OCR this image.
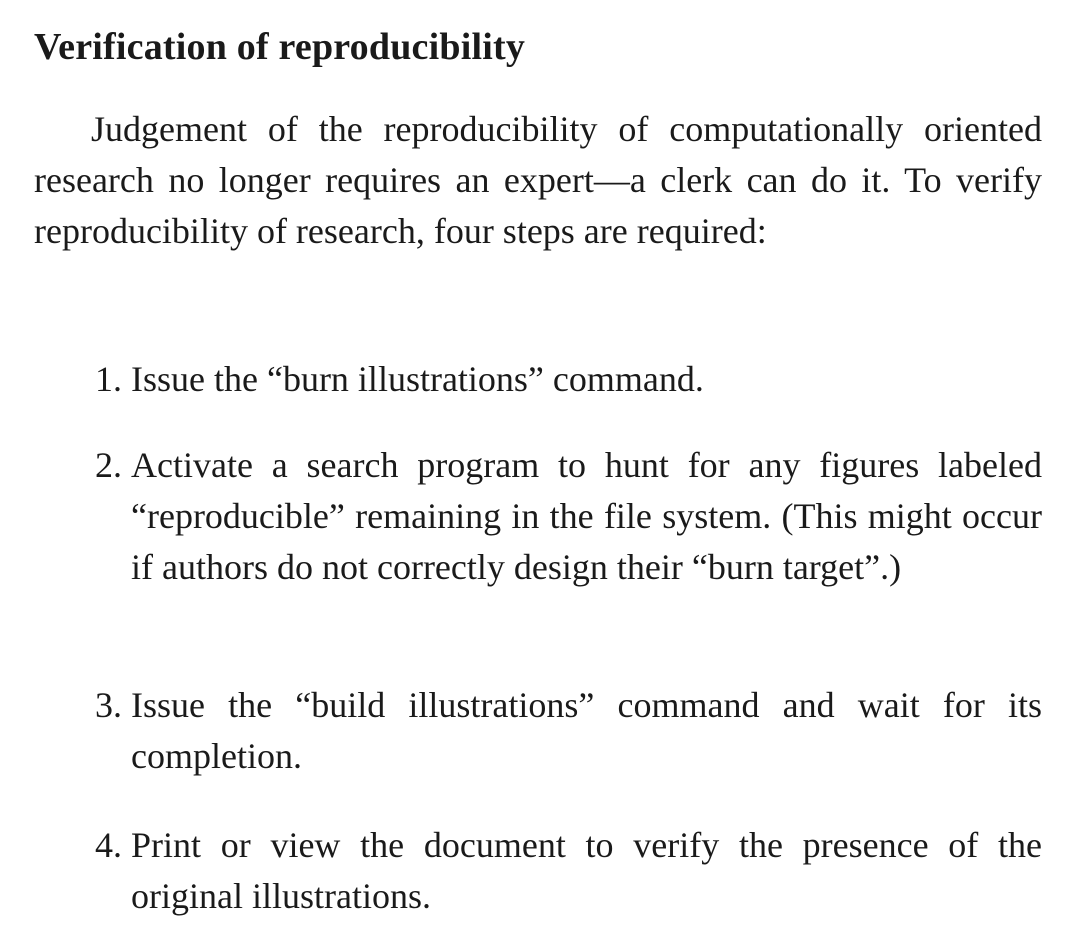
Verification of reproducibility

Judgement of the reproducibility of computationally oriented research no longer requires an expert—a clerk can do it. To verify reproducibility of research, four steps are required:

1. Issue the “burn illustrations” command.
2. Activate a search program to hunt for any figures labeled “reproducible” remaining in the file system. (This might occur if authors do not correctly design their “burn target”.)
3. Issue the “build illustrations” command and wait for its completion.
4. Print or view the document to verify the presence of the original illustrations.
